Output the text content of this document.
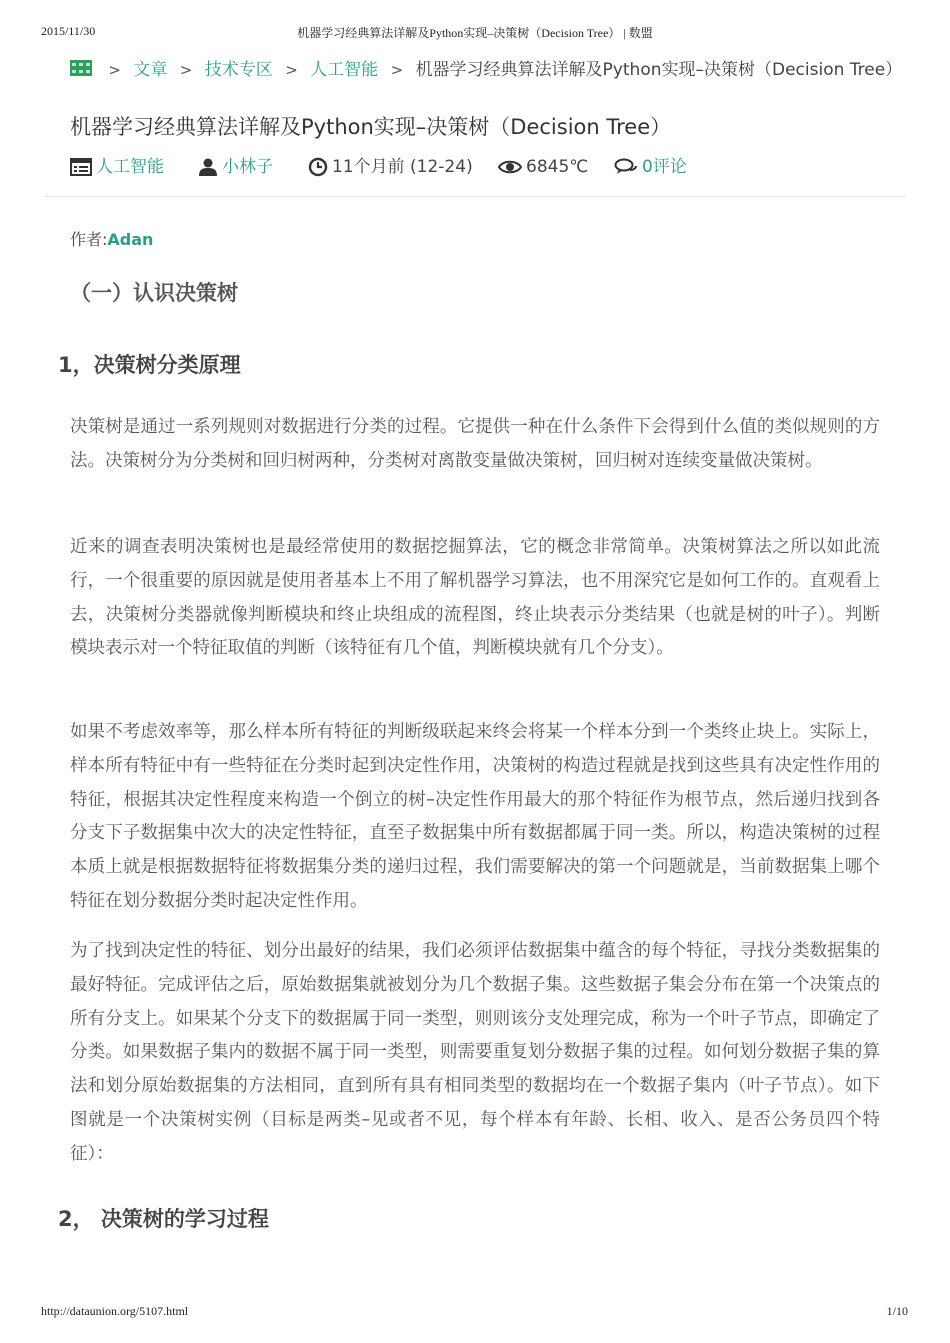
2015/11/30	机器学习经典算法详解及Python实现–决策树（Decision Tree） | 数盟
> 文章 > 技术专区 > 人工智能 > 机器学习经典算法详解及Python实现–决策树（Decision Tree）
机器学习经典算法详解及Python实现–决策树（Decision Tree）
人工智能	小林子	11个月前 (12-24)	6845℃	0评论
作者:Adan
（一）认识决策树
1，决策树分类原理

决策树是通过一系列规则对数据进行分类的过程。它提供一种在什么条件下会得到什么值的类似规则的方法。决策树分为分类树和回归树两种，分类树对离散变量做决策树，回归树对连续变量做决策树。

近来的调查表明决策树也是最经常使用的数据挖掘算法，它的概念非常简单。决策树算法之所以如此流行，一个很重要的原因就是使用者基本上不用了解机器学习算法，也不用深究它是如何工作的。直观看上去，决策树分类器就像判断模块和终止块组成的流程图，终止块表示分类结果（也就是树的叶子）。判断模块表示对一个特征取值的判断（该特征有几个值，判断模块就有几个分支）。

如果不考虑效率等，那么样本所有特征的判断级联起来终会将某一个样本分到一个类终止块上。实际上，样本所有特征中有一些特征在分类时起到决定性作用，决策树的构造过程就是找到这些具有决定性作用的特征，根据其决定性程度来构造一个倒立的树–决定性作用最大的那个特征作为根节点，然后递归找到各分支下子数据集中次大的决定性特征，直至子数据集中所有数据都属于同一类。所以，构造决策树的过程本质上就是根据数据特征将数据集分类的递归过程，我们需要解决的第一个问题就是，当前数据集上哪个特征在划分数据分类时起决定性作用。

为了找到决定性的特征、划分出最好的结果，我们必须评估数据集中蕴含的每个特征，寻找分类数据集的最好特征。完成评估之后，原始数据集就被划分为几个数据子集。这些数据子集会分布在第一个决策点的所有分支上。如果某个分支下的数据属于同一类型，则则该分支处理完成，称为一个叶子节点，即确定了分类。如果数据子集内的数据不属于同一类型，则需要重复划分数据子集的过程。如何划分数据子集的算法和划分原始数据集的方法相同，直到所有具有相同类型的数据均在一个数据子集内（叶子节点）。如下图就是一个决策树实例（目标是两类–见或者不见，每个样本有年龄、长相、收入、是否公务员四个特征）：

2， 决策树的学习过程
http://dataunion.org/5107.html	1/10
